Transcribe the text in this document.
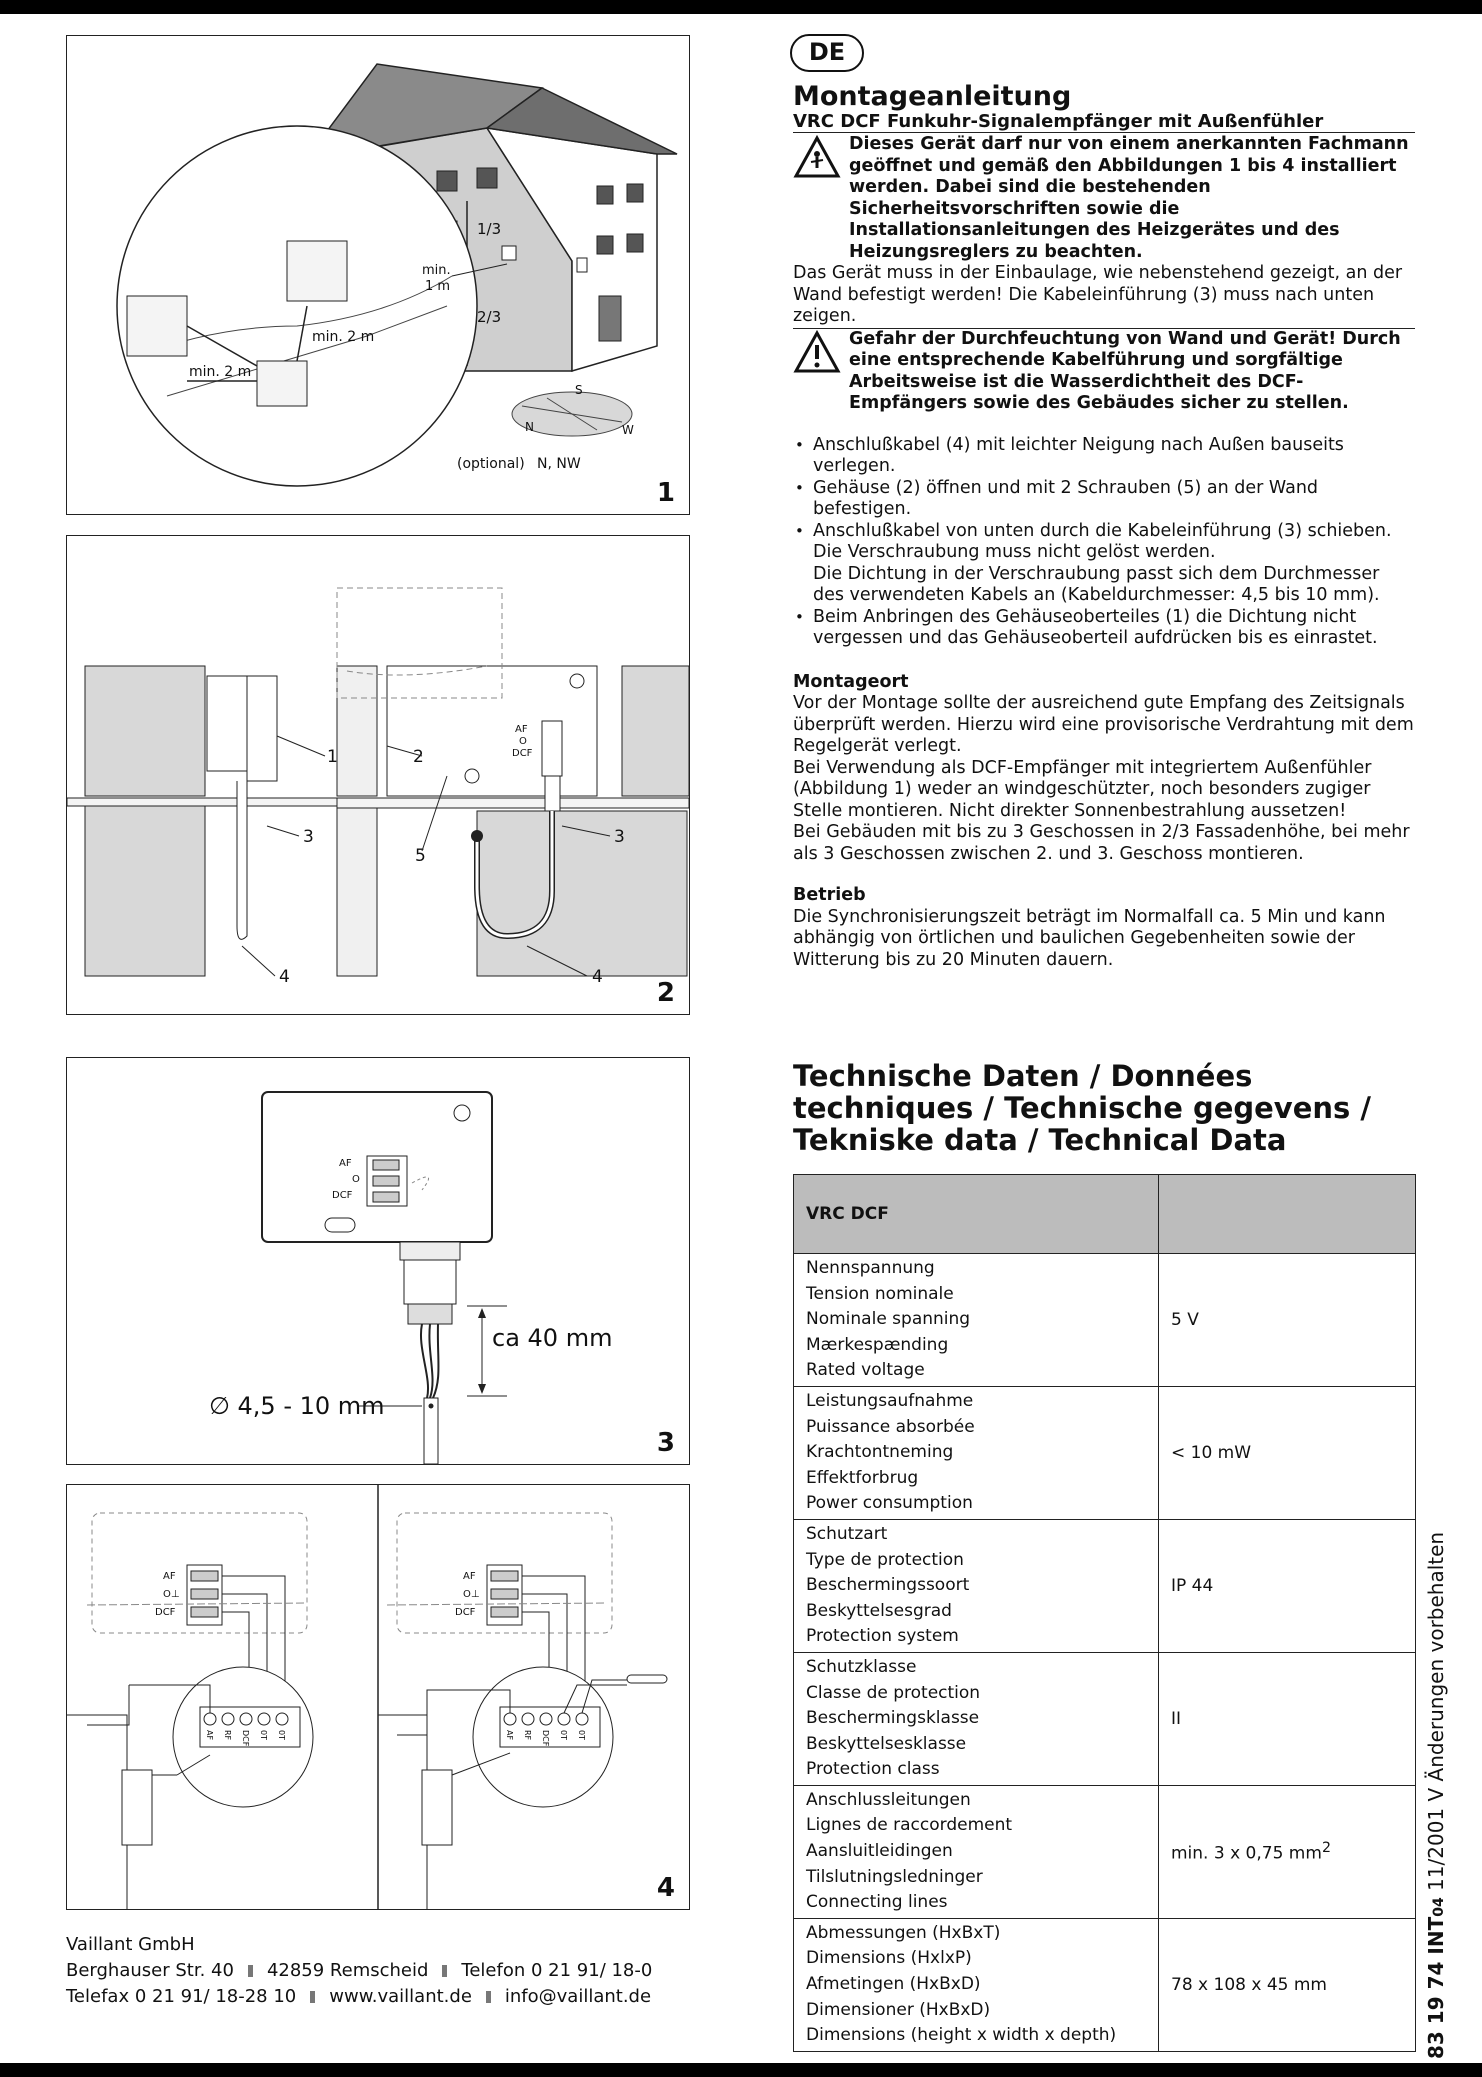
1/3
2/3
min.
1 m
min. 2 m
min. 2 m
S
W
N
(optional) N, NW
1
AF
O
DCF
1	2
3	3
4	4
5
2
AF
O
DCF
ca 40 mm
∅ 4,5 - 10 mm
3
AF
O⊥
DCF
AF
O⊥
DCF
AF RF DCF 0T 0T	AF RF DCF 0T 0T
4
DE
Montageanleitung
VRC DCF Funkuhr-Signalempfänger mit Außenfühler
Dieses Gerät darf nur von einem anerkannten Fachmann geöffnet und gemäß den Abbildungen 1 bis 4 installiert werden. Dabei sind die bestehenden Sicherheitsvorschriften sowie die Installationsanleitungen des Heizgerätes und des Heizungsreglers zu beachten.

Das Gerät muss in der Einbaulage, wie nebenstehend gezeigt, an der Wand befestigt werden! Die Kabeleinführung (3) muss nach unten zeigen.

Gefahr der Durchfeuchtung von Wand und Gerät! Durch eine entsprechende Kabelführung und sorgfältige Arbeitsweise ist die Wasserdichtheit des DCF-Empfängers sowie des Gebäudes sicher zu stellen.
• Anschlußkabel (4) mit leichter Neigung nach Außen bauseits verlegen.
• Gehäuse (2) öffnen und mit 2 Schrauben (5) an der Wand befestigen.
• Anschlußkabel von unten durch die Kabeleinführung (3) schieben. Die Verschraubung muss nicht gelöst werden.
Die Dichtung in der Verschraubung passt sich dem Durchmesser des verwendeten Kabels an (Kabeldurchmesser: 4,5 bis 10 mm).
• Beim Anbringen des Gehäuseoberteiles (1) die Dichtung nicht vergessen und das Gehäuseoberteil aufdrücken bis es einrastet.
Montageort

Vor der Montage sollte der ausreichend gute Empfang des Zeitsignals überprüft werden. Hierzu wird eine provisorische Verdrahtung mit dem Regelgerät verlegt.

Bei Verwendung als DCF-Empfänger mit integriertem Außenfühler (Abbildung 1) weder an windgeschützter, noch besonders zugiger Stelle montieren. Nicht direkter Sonnenbestrahlung aussetzen!

Bei Gebäuden mit bis zu 3 Geschossen in 2/3 Fassadenhöhe, bei mehr als 3 Geschossen zwischen 2. und 3. Geschoss montieren.

Betrieb

Die Synchronisierungszeit beträgt im Normalfall ca. 5 Min und kann abhängig von örtlichen und baulichen Gegebenheiten sowie der Witterung bis zu 20 Minuten dauern.

Technische Daten / Données techniques / Technische gegevens / Tekniske data / Technical Data
VRC DCF	

Nennspannung
Tension nominale
Nominale spanning
Mærkespænding
Rated voltage	5 V

Leistungsaufnahme
Puissance absorbée
Krachtontneming
Effektforbrug
Power consumption	< 10 mW

Schutzart
Type de protection
Beschermingssoort
Beskyttelsesgrad
Protection system	IP 44

Schutzklasse
Classe de protection
Beschermingsklasse
Beskyttelsesklasse
Protection class	II

Anschlussleitungen
Lignes de raccordement
Aansluitleidingen
Tilslutningsledninger
Connecting lines	min. 3 x 0,75 $mm^2$

Abmessungen (HxBxT)
Dimensions (HxlxP)
Afmetingen (HxBxD)
Dimensioner (HxBxD)
Dimensions (height x width x depth)	78 x 108 x 45 mm
Vaillant GmbH
Berghauser Str. 40 42859 Remscheid Telefon 0 21 91/ 18-0
Telefax 0 21 91/ 18-28 10 www.vaillant.de info@vaillant.de	83 19 74 INT04 11/2001 V Änderungen vorbehalten
